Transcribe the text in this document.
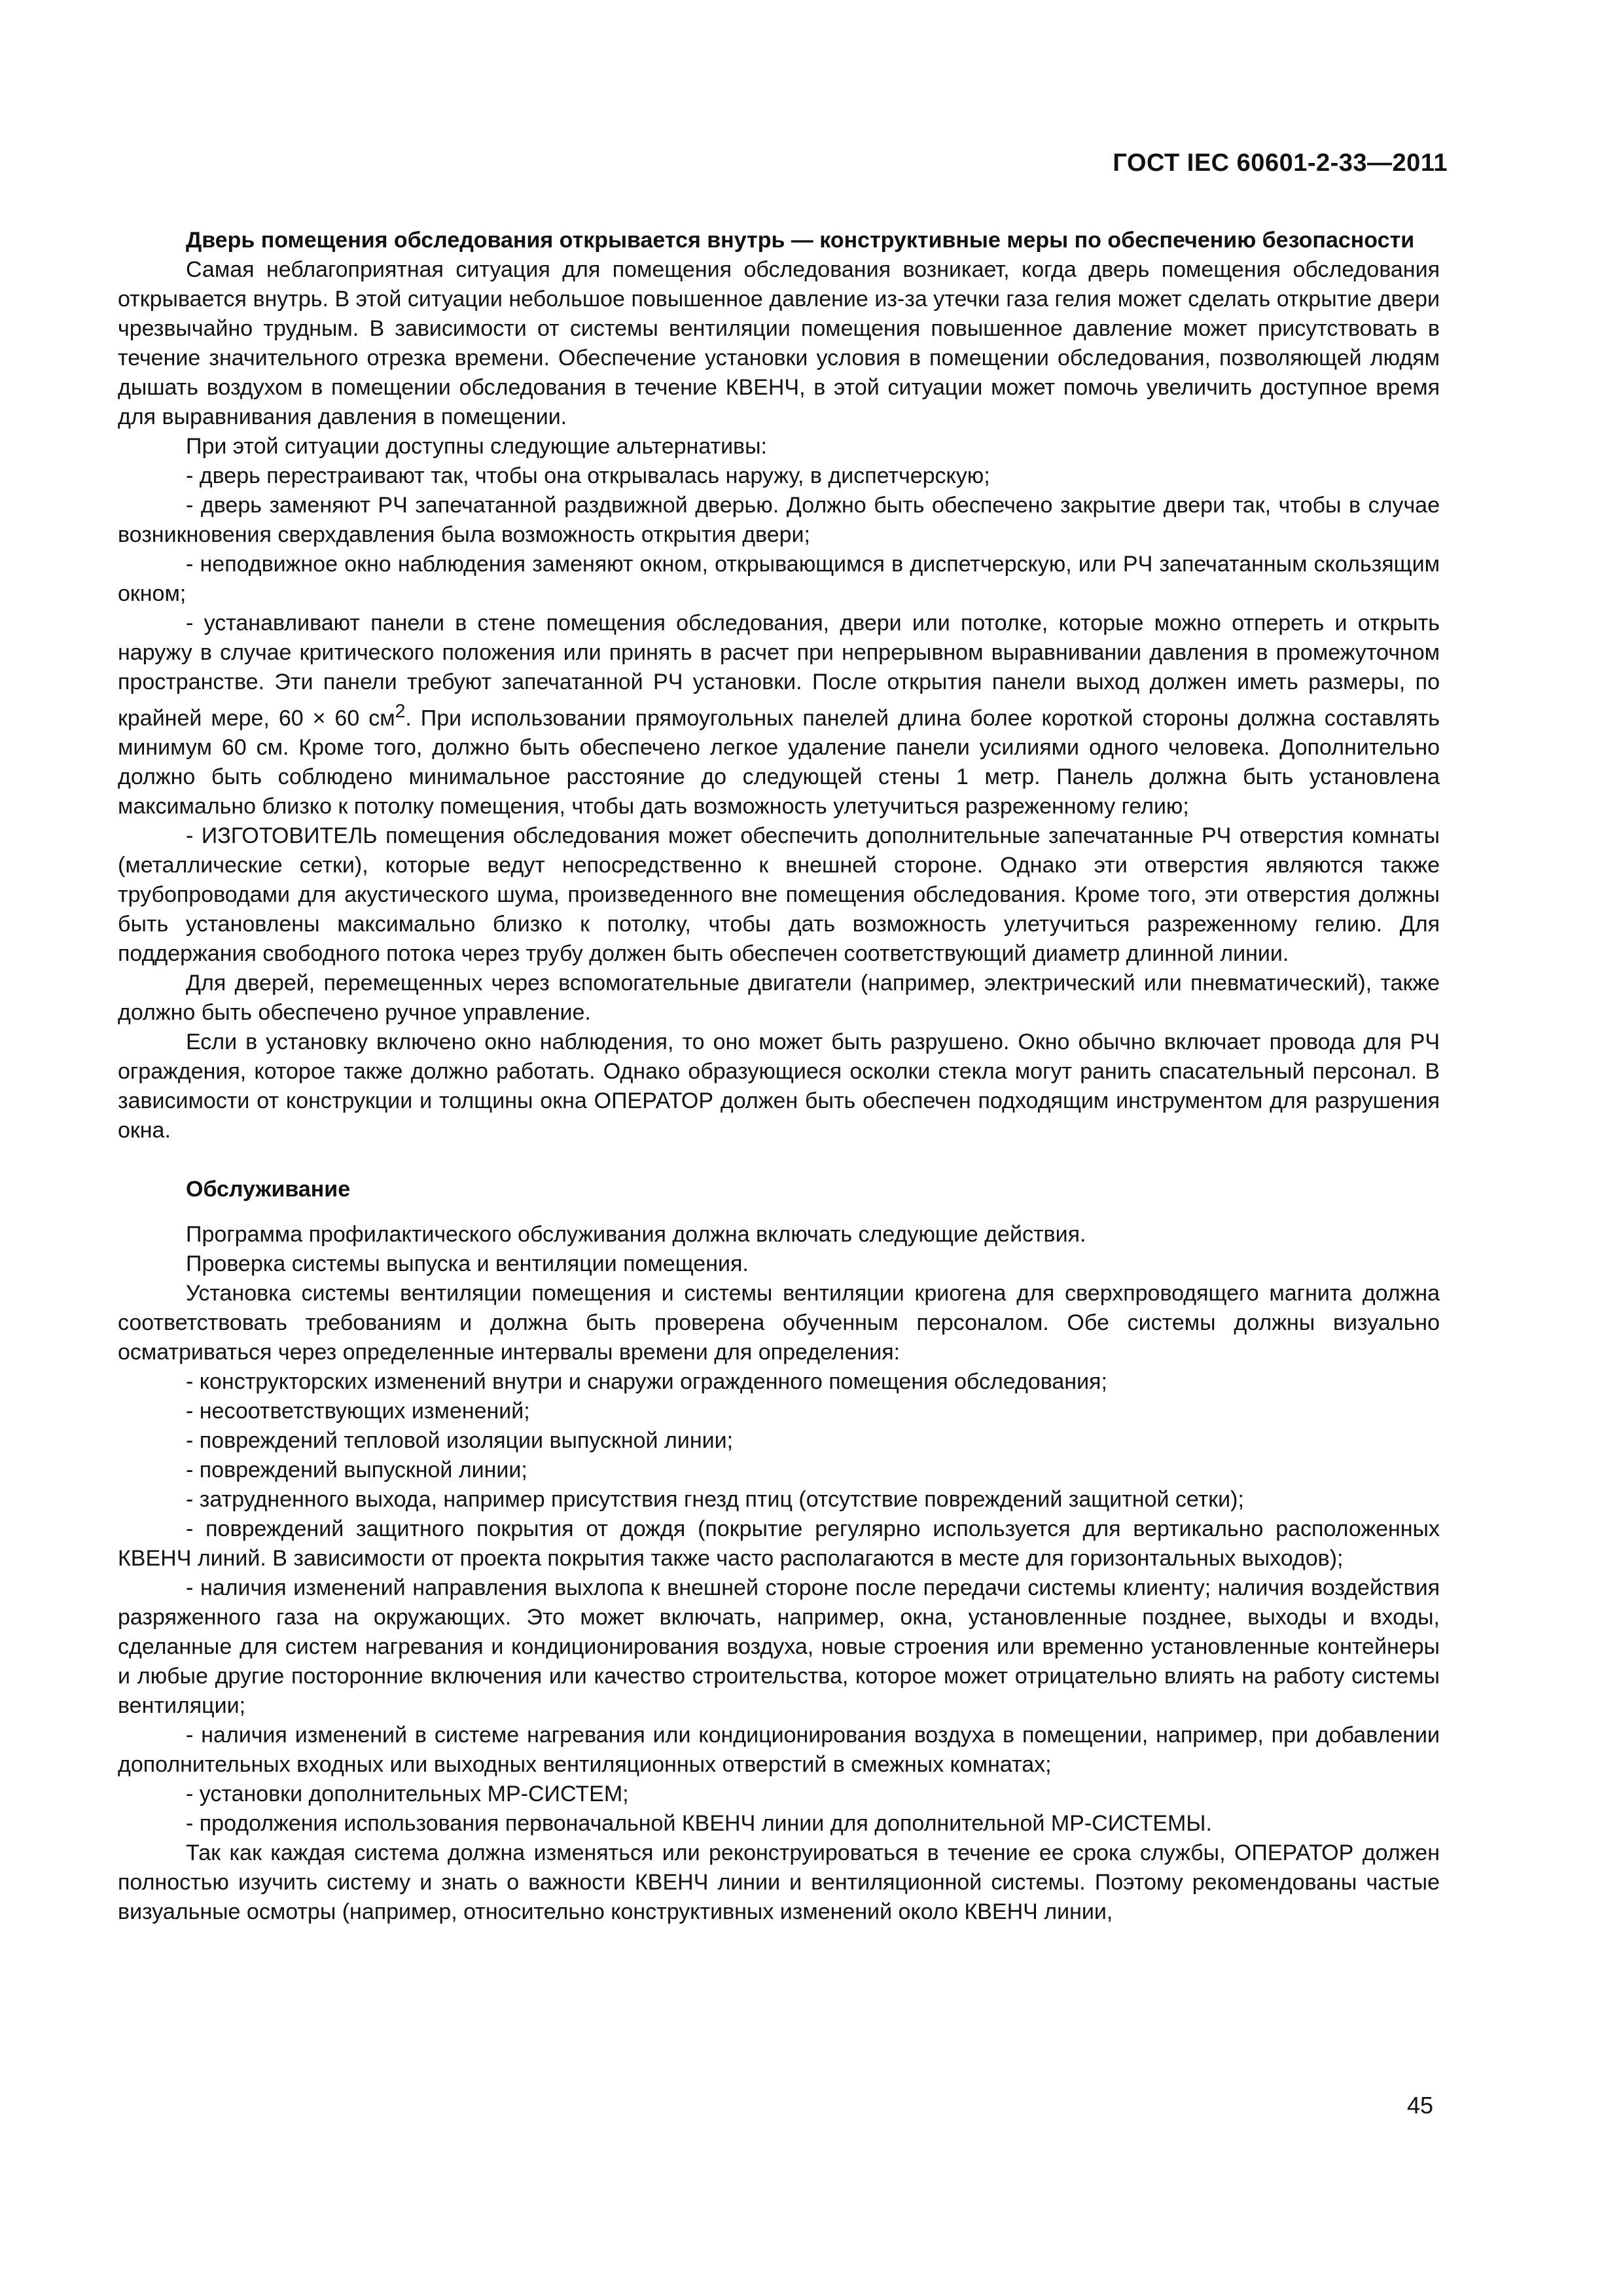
ГОСТ IEC 60601-2-33—2011
Дверь помещения обследования открывается внутрь — конструктивные меры по обеспечению безопасности

Самая неблагоприятная ситуация для помещения обследования возникает, когда дверь помещения обследования открывается внутрь. В этой ситуации небольшое повышенное давление из-за утечки газа гелия может сделать открытие двери чрезвычайно трудным. В зависимости от системы вентиляции помещения повышенное давление может присутствовать в течение значительного отрезка времени. Обеспечение установки условия в помещении обследования, позволяющей людям дышать воздухом в помещении обследования в течение КВЕНЧ, в этой ситуации может помочь увеличить доступное время для выравнивания давления в помещении.

При этой ситуации доступны следующие альтернативы:

- дверь перестраивают так, чтобы она открывалась наружу, в диспетчерскую;

- дверь заменяют РЧ запечатанной раздвижной дверью. Должно быть обеспечено закрытие двери так, чтобы в случае возникновения сверхдавления была возможность открытия двери;

- неподвижное окно наблюдения заменяют окном, открывающимся в диспетчерскую, или РЧ запечатанным скользящим окном;

- устанавливают панели в стене помещения обследования, двери или потолке, которые можно отпереть и открыть наружу в случае критического положения или принять в расчет при непрерывном выравнивании давления в промежуточном пространстве. Эти панели требуют запечатанной РЧ установки. После открытия панели выход должен иметь размеры, по крайней мере, 60 × 60 $см^2$. При использовании прямоугольных панелей длина более короткой стороны должна составлять минимум 60 см. Кроме того, должно быть обеспечено легкое удаление панели усилиями одного человека. Дополнительно должно быть соблюдено минимальное расстояние до следующей стены 1 метр. Панель должна быть установлена максимально близко к потолку помещения, чтобы дать возможность улетучиться разреженному гелию;

- ИЗГОТОВИТЕЛЬ помещения обследования может обеспечить дополнительные запечатанные РЧ отверстия комнаты (металлические сетки), которые ведут непосредственно к внешней стороне. Однако эти отверстия являются также трубопроводами для акустического шума, произведенного вне помещения обследования. Кроме того, эти отверстия должны быть установлены максимально близко к потолку, чтобы дать возможность улетучиться разреженному гелию. Для поддержания свободного потока через трубу должен быть обеспечен соответствующий диаметр длинной линии.

Для дверей, перемещенных через вспомогательные двигатели (например, электрический или пневматический), также должно быть обеспечено ручное управление.

Если в установку включено окно наблюдения, то оно может быть разрушено. Окно обычно включает провода для РЧ ограждения, которое также должно работать. Однако образующиеся осколки стекла могут ранить спасательный персонал. В зависимости от конструкции и толщины окна ОПЕРАТОР должен быть обеспечен подходящим инструментом для разрушения окна.

Обслуживание

Программа профилактического обслуживания должна включать следующие действия.

Проверка системы выпуска и вентиляции помещения.

Установка системы вентиляции помещения и системы вентиляции криогена для сверхпроводящего магнита должна соответствовать требованиям и должна быть проверена обученным персоналом. Обе системы должны визуально осматриваться через определенные интервалы времени для определения:

- конструкторских изменений внутри и снаружи огражденного помещения обследования;

- несоответствующих изменений;

- повреждений тепловой изоляции выпускной линии;

- повреждений выпускной линии;

- затрудненного выхода, например присутствия гнезд птиц (отсутствие повреждений защитной сетки);

- повреждений защитного покрытия от дождя (покрытие регулярно используется для вертикально расположенных КВЕНЧ линий. В зависимости от проекта покрытия также часто располагаются в месте для горизонтальных выходов);

- наличия изменений направления выхлопа к внешней стороне после передачи системы клиенту; наличия воздействия разряженного газа на окружающих. Это может включать, например, окна, установленные позднее, выходы и входы, сделанные для систем нагревания и кондиционирования воздуха, новые строения или временно установленные контейнеры и любые другие посторонние включения или качество строительства, которое может отрицательно влиять на работу системы вентиляции;

- наличия изменений в системе нагревания или кондиционирования воздуха в помещении, например, при добавлении дополнительных входных или выходных вентиляционных отверстий в смежных комнатах;

- установки дополнительных МР-СИСТЕМ;

- продолжения использования первоначальной КВЕНЧ линии для дополнительной МР-СИСТЕМЫ.

Так как каждая система должна изменяться или реконструироваться в течение ее срока службы, ОПЕРАТОР должен полностью изучить систему и знать о важности КВЕНЧ линии и вентиляционной системы. Поэтому рекомендованы частые визуальные осмотры (например, относительно конструктивных изменений около КВЕНЧ линии,

45
